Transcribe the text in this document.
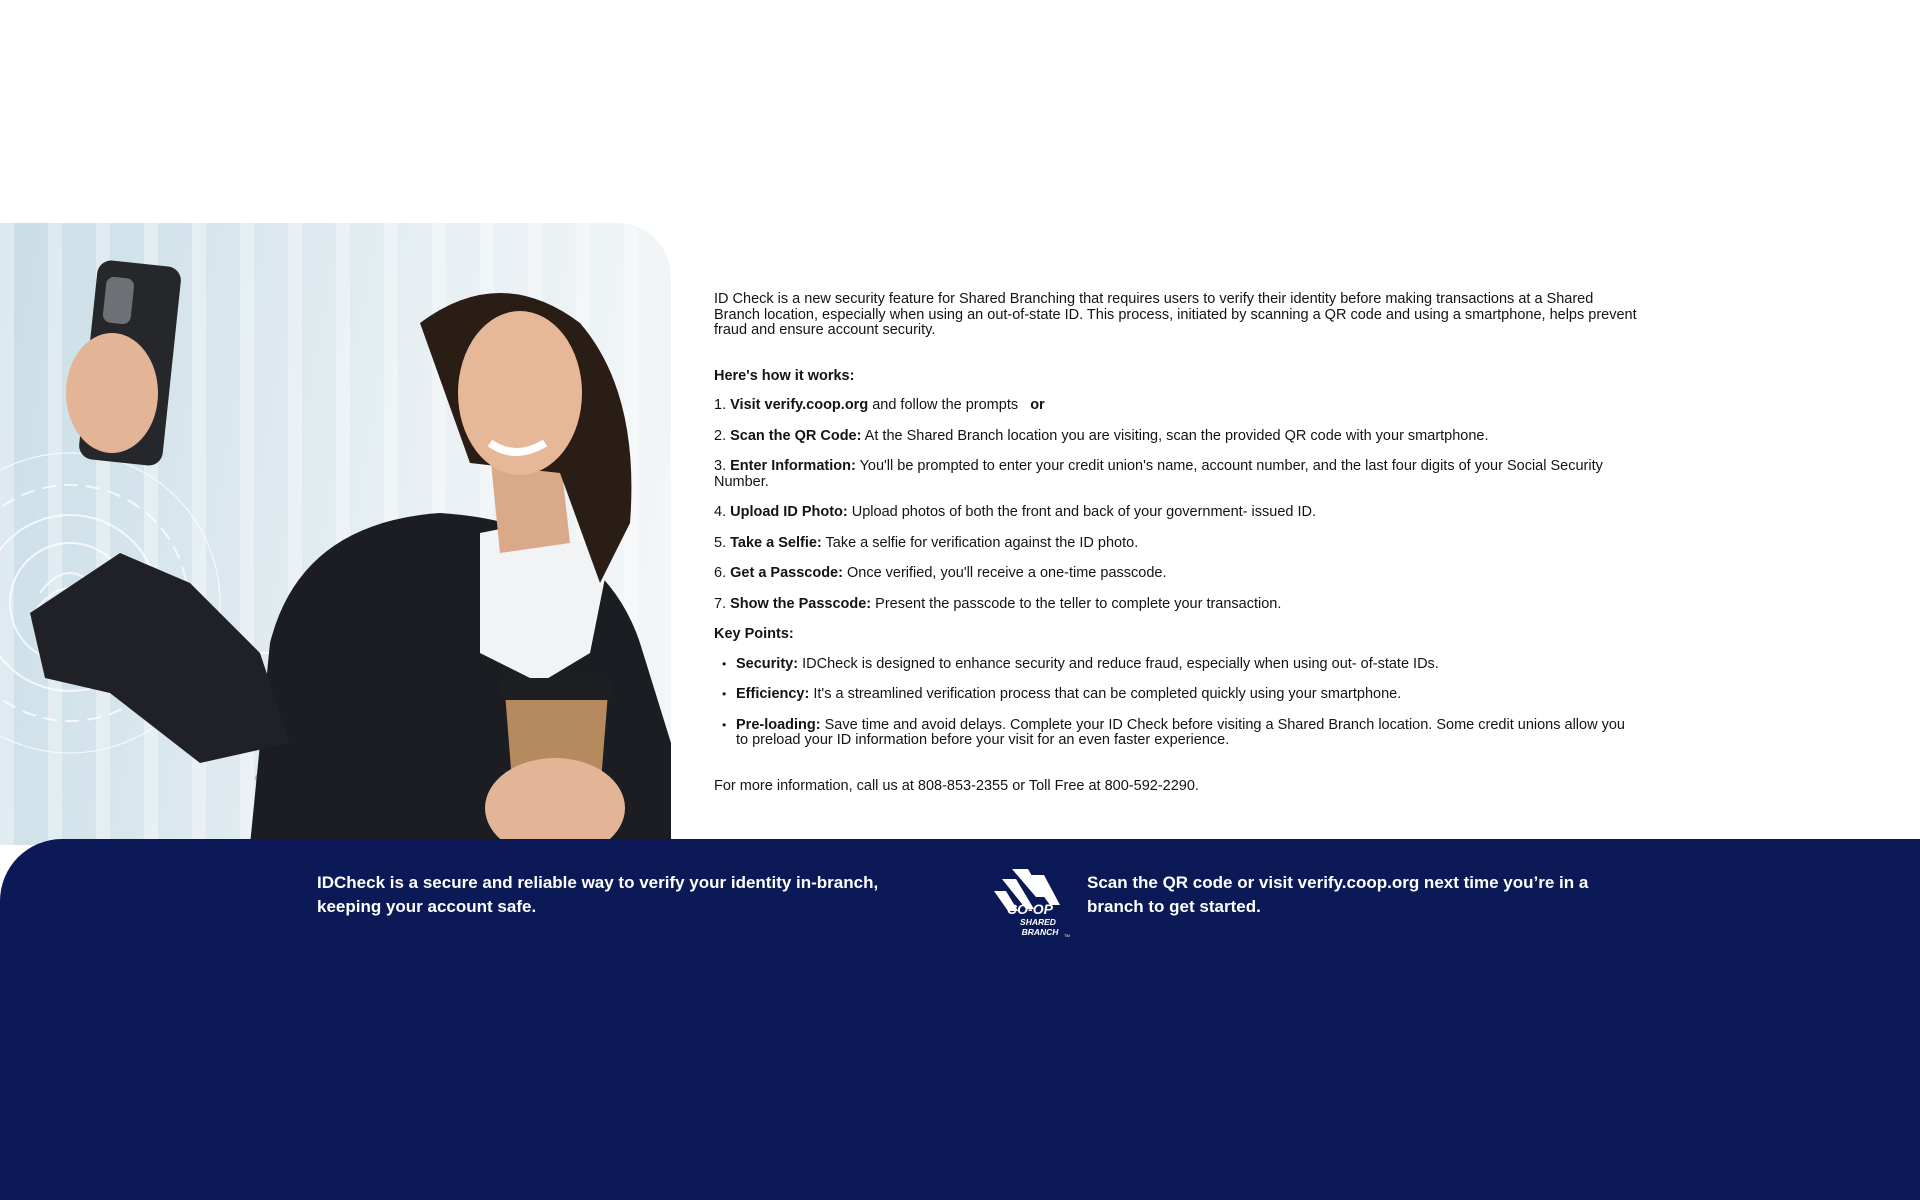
ID Check is a new security feature for Shared Branching that requires users to verify their identity before making transactions at a Shared Branch location, especially when using an out-of-state ID. This process, initiated by scanning a QR code and using a smartphone, helps prevent fraud and ensure account security.

Here's how it works:

1. Visit verify.coop.org and follow the prompts or

2. Scan the QR Code: At the Shared Branch location you are visiting, scan the provided QR code with your smartphone.

3. Enter Information: You'll be prompted to enter your credit union's name, account number, and the last four digits of your Social Security Number.

4. Upload ID Photo: Upload photos of both the front and back of your government- issued ID.

5. Take a Selfie: Take a selfie for verification against the ID photo.

6. Get a Passcode: Once verified, you'll receive a one-time passcode.

7. Show the Passcode: Present the passcode to the teller to complete your transaction.

Key Points:

• Security: IDCheck is designed to enhance security and reduce fraud, especially when using out- of-state IDs.
• Efficiency: It's a streamlined verification process that can be completed quickly using your smartphone.
• Pre-loading: Save time and avoid delays. Complete your ID Check before visiting a Shared Branch location. Some credit unions allow you to preload your ID information before your visit for an even faster experience.

For more information, call us at 808-853-2355 or Toll Free at 800-592-2290.

IDCheck is a secure and reliable way to verify your identity in-branch, keeping your account safe.	CO-OP
SHARED
BRANCH TM

Scan the QR code or visit verify.coop.org next time you’re in a branch to get started.
